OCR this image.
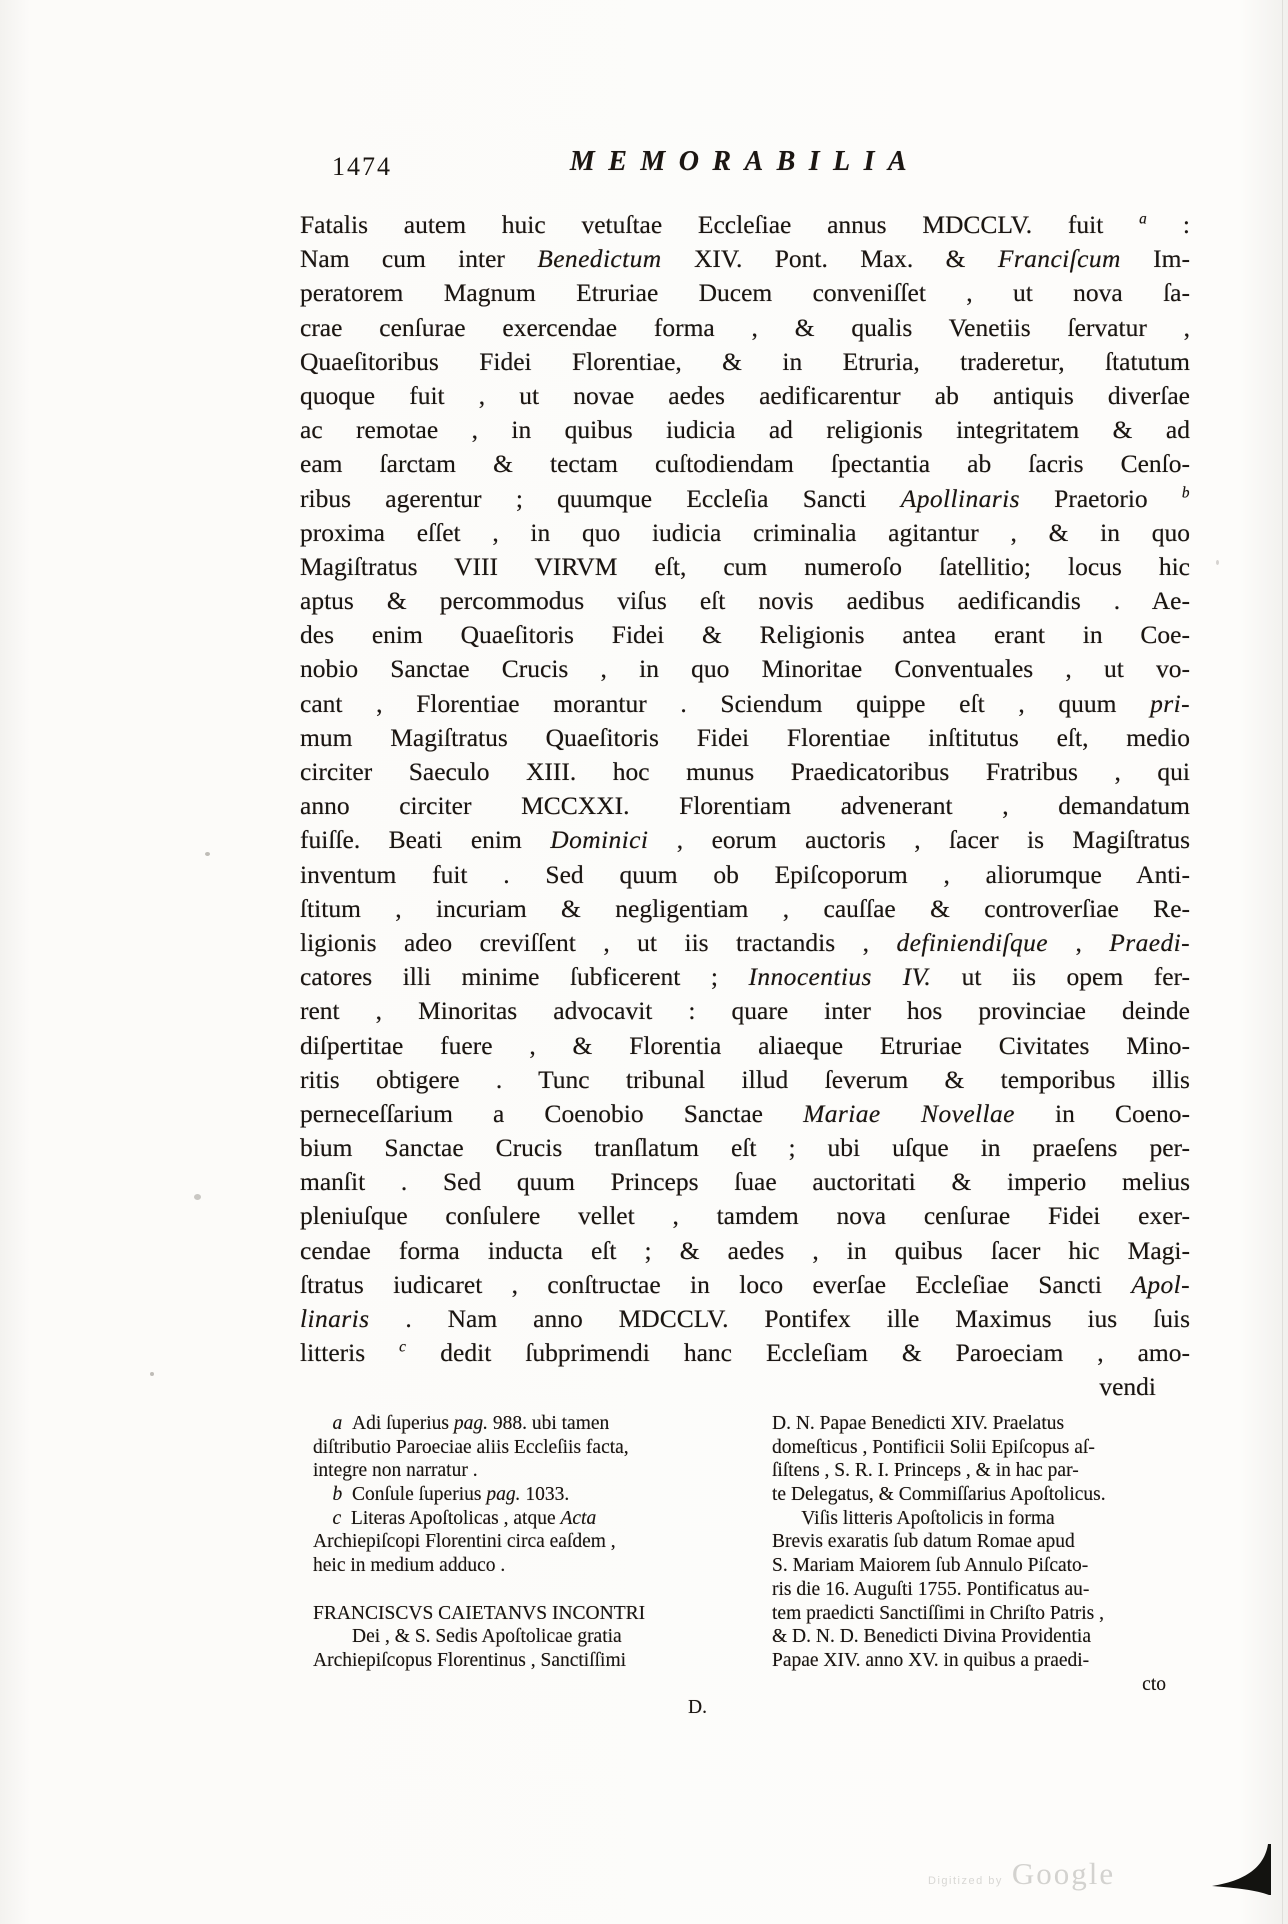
1474	MEMORABILIA
Fatalis autem huic vetuſtae Eccleſiae annus MDCCLV. fuit $^a$ :
Nam cum inter Benedictum XIV. Pont. Max. & Franciſcum Im-
peratorem Magnum Etruriae Ducem conveniſſet , ut nova ſa-
crae cenſurae exercendae forma , & qualis Venetiis ſervatur ,
Quaeſitoribus Fidei Florentiae, & in Etruria, traderetur, ſtatutum
quoque fuit , ut novae aedes aedificarentur ab antiquis diverſae
ac remotae , in quibus iudicia ad religionis integritatem & ad
eam ſarctam & tectam cuſtodiendam ſpectantia ab ſacris Cenſo-
ribus agerentur ; quumque Eccleſia Sancti Apollinaris Praetorio $^b$
proxima eſſet , in quo iudicia criminalia agitantur , & in quo
Magiſtratus VIII VIRVM eſt, cum numeroſo ſatellitio; locus hic
aptus & percommodus viſus eſt novis aedibus aedificandis . Ae-
des enim Quaeſitoris Fidei & Religionis antea erant in Coe-
nobio Sanctae Crucis , in quo Minoritae Conventuales , ut vo-
cant , Florentiae morantur . Sciendum quippe eſt , quum pri-
mum Magiſtratus Quaeſitoris Fidei Florentiae inſtitutus eſt, medio
circiter Saeculo XIII. hoc munus Praedicatoribus Fratribus , qui
anno circiter MCCXXI. Florentiam advenerant , demandatum
fuiſſe. Beati enim Dominici , eorum auctoris , ſacer is Magiſtratus
inventum fuit . Sed quum ob Epiſcoporum , aliorumque Anti-
ſtitum , incuriam & negligentiam , cauſſae & controverſiae Re-
ligionis adeo creviſſent , ut iis tractandis , definiendiſque , Praedi-
catores illi minime ſubficerent ; Innocentius IV. ut iis opem fer-
rent , Minoritas advocavit : quare inter hos provinciae deinde
diſpertitae fuere , & Florentia aliaeque Etruriae Civitates Mino-
ritis obtigere . Tunc tribunal illud ſeverum & temporibus illis
perneceſſarium a Coenobio Sanctae Mariae Novellae in Coeno-
bium Sanctae Crucis tranſlatum eſt ; ubi uſque in praeſens per-
manſit . Sed quum Princeps ſuae auctoritati & imperio melius
pleniuſque conſulere vellet , tamdem nova cenſurae Fidei exer-
cendae forma inducta eſt ; & aedes , in quibus ſacer hic Magi-
ſtratus iudicaret , conſtructae in loco everſae Eccleſiae Sancti Apol-
linaris . Nam anno MDCCLV. Pontifex ille Maximus ius ſuis
litteris $^c$ dedit ſubprimendi hanc Eccleſiam & Paroeciam , amo-
vendi
 a Adi ſuperius pag. 988. ubi tamen
diſtributio Paroeciae aliis Eccleſiis facta,
integre non narratur .
 b Conſule ſuperius pag. 1033.
 c Literas Apoſtolicas , atque Acta
Archiepiſcopi Florentini circa eaſdem ,
heic in medium adduco .
FRANCISCVS CAIETANVS INCONTRI
  Dei , & S. Sedis Apoſtolicae gratia
Archiepiſcopus Florentinus , Sanctiſſimi
D.
D. N. Papae Benedicti XIV. Praelatus
domeſticus , Pontificii Solii Epiſcopus aſ-
ſiſtens , S. R. I. Princeps , & in hac par-
te Delegatus, & Commiſſarius Apoſtolicus.
  Viſis litteris Apoſtolicis in forma
Brevis exaratis ſub datum Romae apud
S. Mariam Maiorem ſub Annulo Piſcato-
ris die 16. Auguſti 1755. Pontificatus au-
tem praedicti Sanctiſſimi in Chriſto Patris ,
& D. N. D. Benedicti Divina Providentia
Papae XIV. anno XV. in quibus a praedi-
cto
Digitized by Google
